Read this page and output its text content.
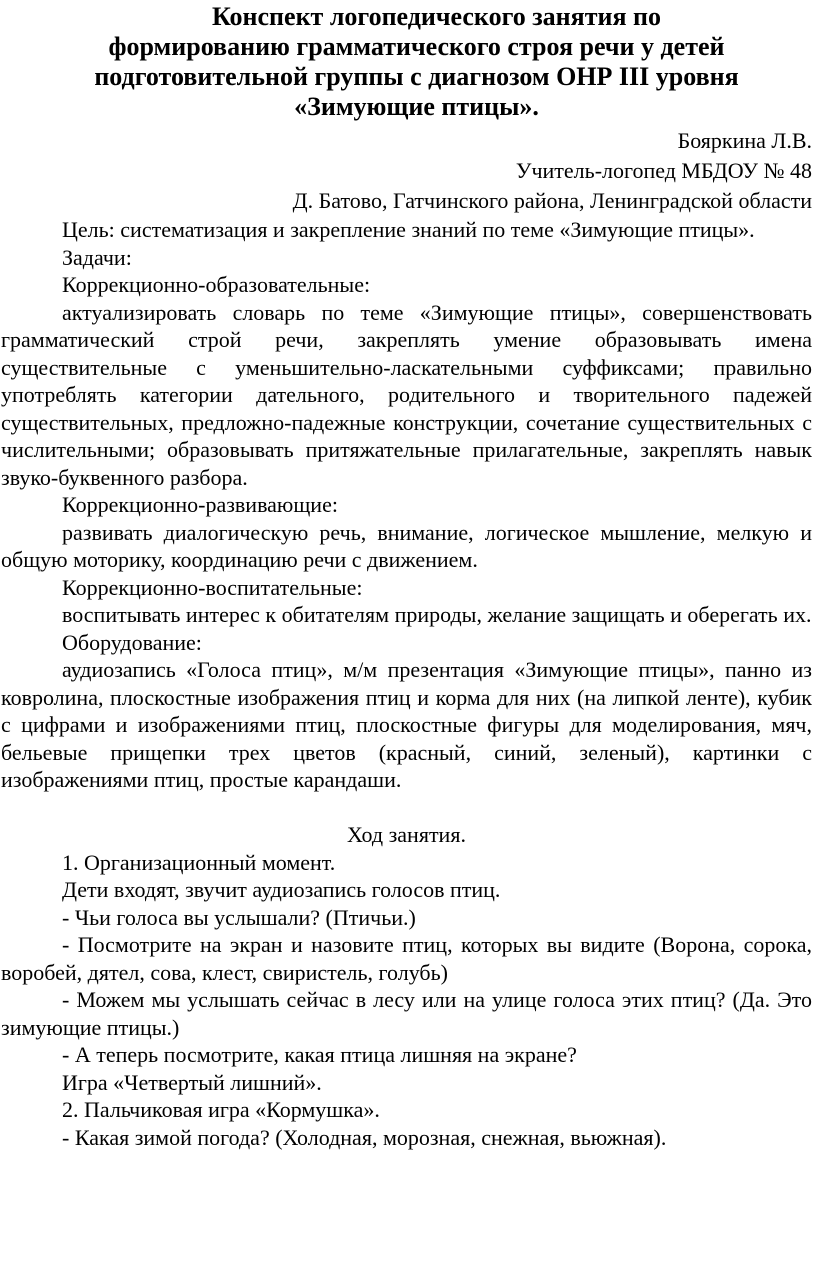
Конспект логопедического занятия по
формированию грамматического строя речи у детей
подготовительной группы с диагнозом ОНР III уровня
«Зимующие птицы».
Бояркина Л.В.
Учитель-логопед МБДОУ № 48
Д. Батово, Гатчинского района, Ленинградской области

Цель: систематизация и закрепление знаний по теме «Зимующие птицы».

Задачи:

Коррекционно-образовательные:

актуализировать словарь по теме «Зимующие птицы», совершенствовать грамматический строй речи, закреплять умение образовывать имена существительные с уменьшительно-ласкательными суффиксами; правильно употреблять категории дательного, родительного и творительного падежей существительных, предложно-падежные конструкции, сочетание существительных с числительными; образовывать притяжательные прилагательные, закреплять навык звуко-буквенного разбора.

Коррекционно-развивающие:

развивать диалогическую речь, внимание, логическое мышление, мелкую и общую моторику, координацию речи с движением.

Коррекционно-воспитательные:

воспитывать интерес к обитателям природы, желание защищать и оберегать их.

Оборудование:

аудиозапись «Голоса птиц», м/м презентация «Зимующие птицы», панно из ковролина, плоскостные изображения птиц и корма для них (на липкой ленте), кубик с цифрами и изображениями птиц, плоскостные фигуры для моделирования, мяч, бельевые прищепки трех цветов (красный, синий, зеленый), картинки с изображениями птиц, простые карандаши.

Ход занятия.

1. Организационный момент.

Дети входят, звучит аудиозапись голосов птиц.

- Чьи голоса вы услышали? (Птичьи.)

- Посмотрите на экран и назовите птиц, которых вы видите (Ворона, сорока, воробей, дятел, сова, клест, свиристель, голубь)

- Можем мы услышать сейчас в лесу или на улице голоса этих птиц? (Да. Это зимующие птицы.)

- А теперь посмотрите, какая птица лишняя на экране?

Игра «Четвертый лишний».

2. Пальчиковая игра «Кормушка».

- Какая зимой погода? (Холодная, морозная, снежная, вьюжная).
